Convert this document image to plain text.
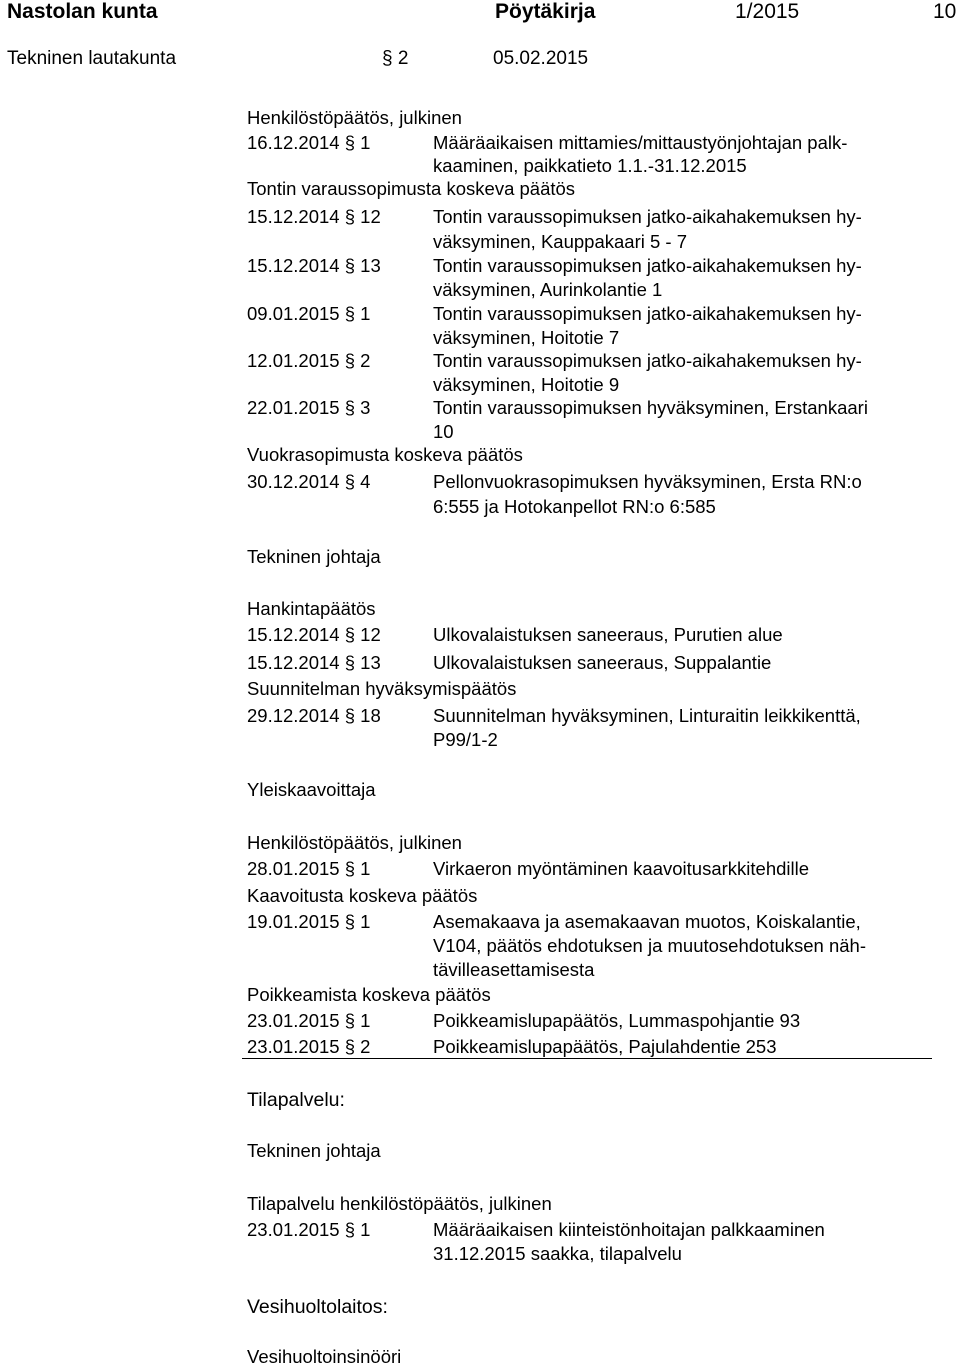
Nastolan kunta	Pöytäkirja	1/2015	10
Tekninen lautakunta	§ 2	05.02.2015
Henkilöstöpäätös, julkinen
Tontin varaussopimusta koskeva päätös
Vuokrasopimusta koskeva päätös
Tekninen johtaja
Hankintapäätös
Suunnitelman hyväksymispäätös
Yleiskaavoittaja
Henkilöstöpäätös, julkinen
Kaavoitusta koskeva päätös
Poikkeamista koskeva päätös
Tilapalvelu:
Tekninen johtaja
Tilapalvelu henkilöstöpäätös, julkinen
Vesihuoltolaitos:
Vesihuoltoinsinööri
16.12.2014 § 1	Määräaikaisen mittamies/mittaustyönjohtajan palk-
kaaminen, paikkatieto 1.1.-31.12.2015
15.12.2014 § 12	Tontin varaussopimuksen jatko-aikahakemuksen hy-
väksyminen, Kauppakaari 5 - 7
15.12.2014 § 13	Tontin varaussopimuksen jatko-aikahakemuksen hy-
väksyminen, Aurinkolantie 1
09.01.2015 § 1	Tontin varaussopimuksen jatko-aikahakemuksen hy-
väksyminen, Hoitotie 7
12.01.2015 § 2	Tontin varaussopimuksen jatko-aikahakemuksen hy-
väksyminen, Hoitotie 9
22.01.2015 § 3	Tontin varaussopimuksen hyväksyminen, Erstankaari
10
30.12.2014 § 4	Pellonvuokrasopimuksen hyväksyminen, Ersta RN:o
6:555 ja Hotokanpellot RN:o 6:585
15.12.2014 § 12	Ulkovalaistuksen saneeraus, Purutien alue
15.12.2014 § 13	Ulkovalaistuksen saneeraus, Suppalantie
29.12.2014 § 18	Suunnitelman hyväksyminen, Linturaitin leikkikenttä,
P99/1-2
28.01.2015 § 1	Virkaeron myöntäminen kaavoitusarkkitehdille
19.01.2015 § 1	Asemakaava ja asemakaavan muotos, Koiskalantie,
V104, päätös ehdotuksen ja muutosehdotuksen näh-
tävilleasettamisesta
23.01.2015 § 1	Poikkeamislupapäätös, Lummaspohjantie 93
23.01.2015 § 2	Poikkeamislupapäätös, Pajulahdentie 253
23.01.2015 § 1	Määräaikaisen kiinteistönhoitajan palkkaaminen
31.12.2015 saakka, tilapalvelu
